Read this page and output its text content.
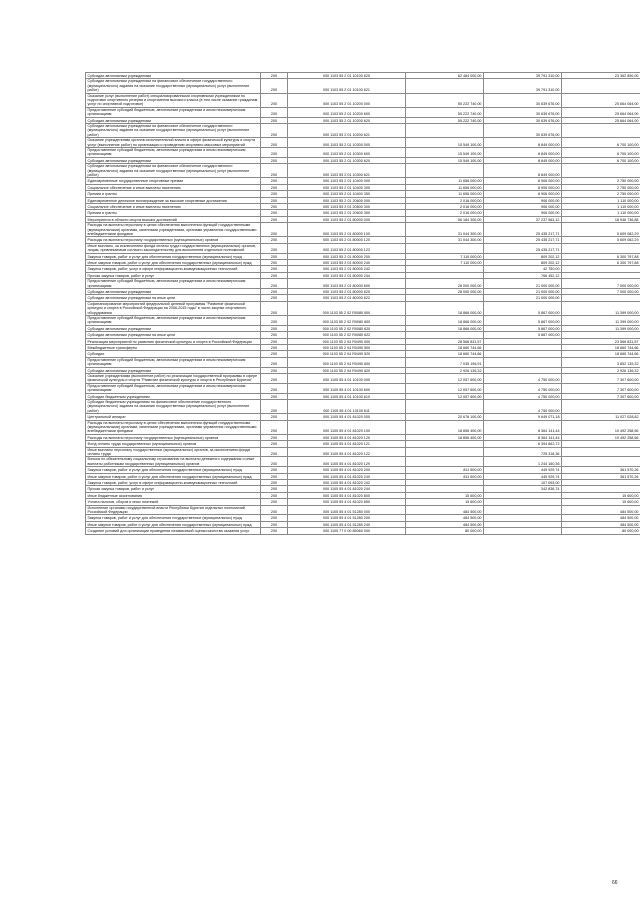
Субсидии автономным учреждениям	200	000 1103 55 2 01 10100 620	62 484 000,00	39 791 310,00	23 362 890,00
Субсидии автономным учреждениям на финансовое обеспечение государственного (муниципального) задания на оказание государственных (муниципальных) услуг (выполнение работ)	200	000 1103 55 2 01 10100 621		39 791 310,00	
Оказание услуг (выполнение работ) специализированными спортивными учреждениями по подготовке спортивного резерва и спортсменов высокого класса (в том числе оказание гражданам услуг по спортивной подготовке)	200	000 1103 55 2 01 10200 000	55 222 740,00	30 639 676,00	25 664 064,00
Предоставление субсидий бюджетным, автономным учреждениям и иным некоммерческим организациям	200	000 1103 55 2 01 10200 600	55 222 740,00	30 639 676,00	25 664 064,00
Субсидии автономным учреждениям	200	000 1103 55 2 01 10200 620	55 222 740,00	30 639 676,00	25 664 064,00
Субсидии автономным учреждениям на финансовое обеспечение государственного (муниципального) задания на оказание государственных (муниципальных) услуг (выполнение работ)	200	000 1103 55 2 01 10200 621		30 639 676,00	
Оказание учреждениями органов исполнительной власти в сфере физической культуры и спорта услуг (выполнение работ) по организации и проведению спортивно-массовых мероприятий	200	000 1103 55 2 01 10300 000	15 549 100,00	8 849 000,00	6 700 100,00
Предоставление субсидий бюджетным, автономным учреждениям и иным некоммерческим организациям	200	000 1103 55 2 01 10300 600	15 549 100,00	8 849 000,00	6 700 100,00
Субсидии автономным учреждениям	200	000 1103 55 2 01 10300 620	15 549 100,00	8 849 000,00	6 700 100,00
Субсидии автономным учреждениям на финансовое обеспечение государственного (муниципального) задания на оказание государственных (муниципальных) услуг (выполнение работ)	200	000 1103 55 2 01 10300 621		8 849 000,00	
Единовременные государственные спортивные премии	200	000 1103 55 2 01 10400 000	11 656 000,00	8 906 000,00	2 750 000,00
Социальное обеспечение и иные выплаты населению	200	000 1103 55 2 01 10400 300	11 656 000,00	8 906 000,00	2 750 000,00
Премии и гранты	200	000 1103 55 2 01 10400 350	11 656 000,00	8 906 000,00	2 750 000,00
Единовременное денежное вознаграждение за высокие спортивные достижения	200	000 1103 55 2 01 20600 000	2 016 000,00	906 000,00	1 110 000,00
Социальное обеспечение и иные выплаты населению	200	000 1103 55 2 01 20600 300	2 016 000,00	906 000,00	1 110 000,00
Премии и гранты	200	000 1103 55 2 01 20600 350	2 016 000,00	906 000,00	1 110 000,00
Мероприятия в области спорта высших достижений	200	000 1103 55 2 01 80000 000	56 184 300,00	37 237 563,12	18 946 736,88
Расходы на выплаты персоналу в целях обеспечения выполнения функций государственными (муниципальными) органами, казенными учреждениями, органами управления государственными внебюджетными фондами	200	000 1103 55 2 01 80000 100	31 044 300,00	25 435 217,71	5 609 082,29
Расходы на выплаты персоналу государственных (муниципальных) органов	200	000 1103 55 2 01 80000 120	31 044 300,00	25 435 217,71	5 609 082,29
Иные выплаты, за исключением фонда оплаты труда государственных (муниципальных) органов, лицам, привлекаемым согласно законодательству для выполнения отдельных полномочий	200	000 1103 55 2 01 80000 123		25 435 217,71	
Закупка товаров, работ и услуг для обеспечения государственных (муниципальных) нужд	200	000 1103 55 2 01 80000 200	7 110 000,00	809 202,12	6 300 797,88
Иные закупки товаров, работ и услуг для обеспечения государственных (муниципальных) нужд	200	000 1103 55 2 01 80000 240	7 110 000,00	809 202,12	6 300 797,88
Закупка товаров, работ, услуг в сфере информационно-коммуникационных технологий	200	000 1103 55 2 01 80000 242		42 750,00	
Прочая закупка товаров, работ и услуг	200	000 1103 55 2 01 80000 244		766 452,12	
Предоставление субсидий бюджетным, автономным учреждениям и иным некоммерческим организациям	200	000 1103 55 2 01 80000 600	28 000 000,00	21 000 000,00	7 000 000,00
Субсидии автономным учреждениям	200	000 1103 55 2 01 80000 620	28 000 000,00	21 000 000,00	7 000 000,00
Субсидии автономным учреждениям на иные цели	200	000 1103 55 2 01 80000 622		21 000 000,00	
Софинансирование мероприятий федеральной целевой программы "Развитие физической культуры и спорта в Российской Федерации на 2006-2015 годы" в части закупки спортивного оборудования	200	000 1103 55 2 02 R0080 000	18 866 000,00	5 867 000,00	11 399 000,00
Предоставление субсидий бюджетным, автономным учреждениям и иным некоммерческим организациям	200	000 1103 55 2 02 R0080 600	18 866 000,00	5 867 000,00	11 399 000,00
Субсидии автономным учреждениям	200	000 1103 55 2 02 R0080 620	18 866 000,00	5 867 000,00	11 399 000,00
Субсидии автономным учреждениям на иные цели	200	000 1103 55 2 02 R0080 622		5 867 000,00	
Реализация мероприятий по развитию физической культуры и спорта в Российской Федерации	200	000 1103 55 2 04 R0490 000	28 566 831,57		23 566 831,57
Межбюджетные трансферты	200	000 1103 55 2 04 R0490 500	18 660 744,66		18 660 744,66
Субсидии	200	000 1103 55 2 04 R0490 520	18 660 744,66		18 660 744,66
Предоставление субсидий бюджетным, автономным учреждениям и иным некоммерческим организациям	200	000 1103 55 2 04 R0490 600	7 035 196,91		3 852 135,32
Субсидии автономным учреждениям	200	000 1103 55 2 04 R0490 620	2 926 136,32		2 926 136,32
Оказание учреждениями (выполнение работ) по реализации государственной программы в сфере физической культуры и спорта "Развитие физической культуры и спорта в Республике Бурятия"	200	000 1105 55 4 01 10100 000	12 057 600,00	4 750 000,00	7 307 600,00
Предоставление субсидий бюджетным, автономным учреждениям и иным некоммерческим организациям	200	000 1105 55 4 01 10100 600	12 057 600,00	4 750 000,00	7 307 600,00
Субсидии бюджетным учреждениям	200	000 1105 55 4 01 10100 610	12 057 600,00	4 750 000,00	7 307 600,00
Субсидии бюджетным учреждениям на финансовое обеспечение государственного (муниципального) задания на оказание государственных (муниципальных) услуг (выполнение работ)	200	000 1105 55 4 01 10100 611		4 750 000,00	
Центральный аппарат	200	000 1105 55 4 01 81020 000	20 676 100,00	9 649 071,18	11 027 028,82
Расходы на выплаты персоналу в целях обеспечения выполнения функций государственными (муниципальными) органами, казенными учреждениями, органами управления государственными внебюджетными фондами	200	000 1105 55 4 01 81020 100	18 856 400,00	8 364 141,44	10 492 258,56
Расходы на выплаты персоналу государственных (муниципальных) органов	200	000 1105 55 4 01 81020 120	18 856 400,00	8 364 141,44	10 492 258,56
Фонд оплаты труда государственных (муниципальных) органов	200	000 1105 55 4 01 81020 121		6 394 662,72	
Иные выплаты персоналу государственных (муниципальных) органов, за исключением фонда оплаты труда	200	000 1105 55 4 01 81020 122		725 318,36	
Взносы по обязательному социальному страхованию на выплаты денежного содержания и иные выплаты работникам государственных (муниципальных) органов	200	000 1105 55 4 01 81020 129		1 244 160,36	
Закупка товаров, работ и услуг для обеспечения государственных (муниципальных) нужд	200	000 1105 55 4 01 81020 200	811 500,00	449 929,74	361 570,26
Иные закупки товаров, работ и услуг для обеспечения государственных (муниципальных) нужд	200	000 1105 55 4 01 81020 240	811 500,00	449 929,74	361 570,26
Закупка товаров, работ, услуг в сфере информационно-коммуникационных технологий	200	000 1105 55 4 01 81020 242		107 093,00	
Прочая закупка товаров, работ и услуг	200	000 1105 55 4 01 81020 244		342 836,74	
Иные бюджетные ассигнования	200	000 1105 55 4 01 81020 800	15 600,00		15 600,00
Уплата налогов, сборов и иных платежей	200	000 1105 55 4 01 81020 850	15 600,00		15 600,00
Исполнение органами государственной власти Республики Бурятия отдельных полномочий Российской Федерации	200	000 1105 55 4 01 51280 000	484 500,00		484 500,00
Закупка товаров, работ и услуг для обеспечения государственных (муниципальных) нужд	200	000 1105 55 4 01 51280 200	484 500,00		484 500,00
Иные закупки товаров, работ и услуг для обеспечения государственных (муниципальных) нужд	200	000 1105 55 4 01 51280 240	484 500,00		484 500,00
Создание условий для организации проведения независимой оценки качества оказания услуг	200	000 1105 77 0 00 85060 000	80 000,00		80 000,00
66
